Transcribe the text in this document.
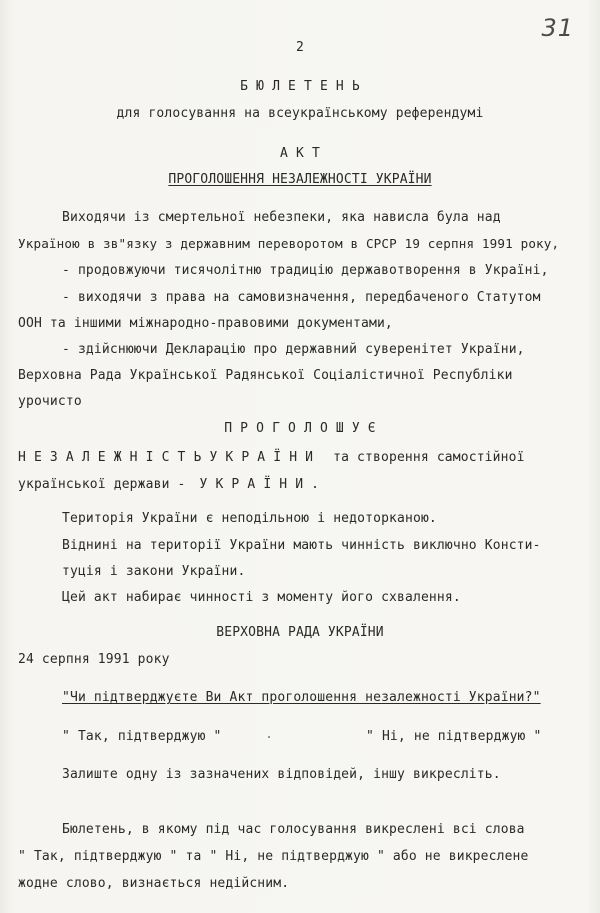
31
2
Б Ю Л Е Т Е Н Ь
для голосування на всеукраїнському референдумі
А К Т
ПРОГОЛОШЕННЯ НЕЗАЛЕЖНОСТІ УКРАЇНИ
Виходячи із смертельної небезпеки, яка нависла була над
Україною в зв"язку з державним переворотом в СРСР 19 серпня 1991 року,
- продовжуючи тисячолітню традицію державотворення в Україні,
- виходячи з права на самовизначення, передбаченого Статутом
ООН та іншими міжнародно-правовими документами,
- здійснюючи Декларацію про державний суверенітет України,
Верховна Рада Української Радянської Соціалістичної Республіки
урочисто
П Р О Г О Л О Ш У Є
Н Е З А Л Е Ж Н І С Т Ь У К Р А Ї Н И та створення самостійної
української держави - У К Р А Ї Н И .
Територія України є неподільною і недоторканою.
Віднині на території України мають чинність виключно Консти-
туція і закони України.
Цей акт набирає чинності з моменту його схвалення.
ВЕРХОВНА РАДА УКРАЇНИ
24 серпня 1991 року
"Чи підтверджуєте Ви Акт проголошення незалежності України?"
" Так, підтверджую "	" Ні, не підтверджую "
Залиште одну із зазначених відповідей, іншу викресліть.
Бюлетень, в якому під час голосування викреслені всі слова
" Так, підтверджую " та " Ні, не підтверджую " або не викреслене
жодне слово, визнається недійсним.
